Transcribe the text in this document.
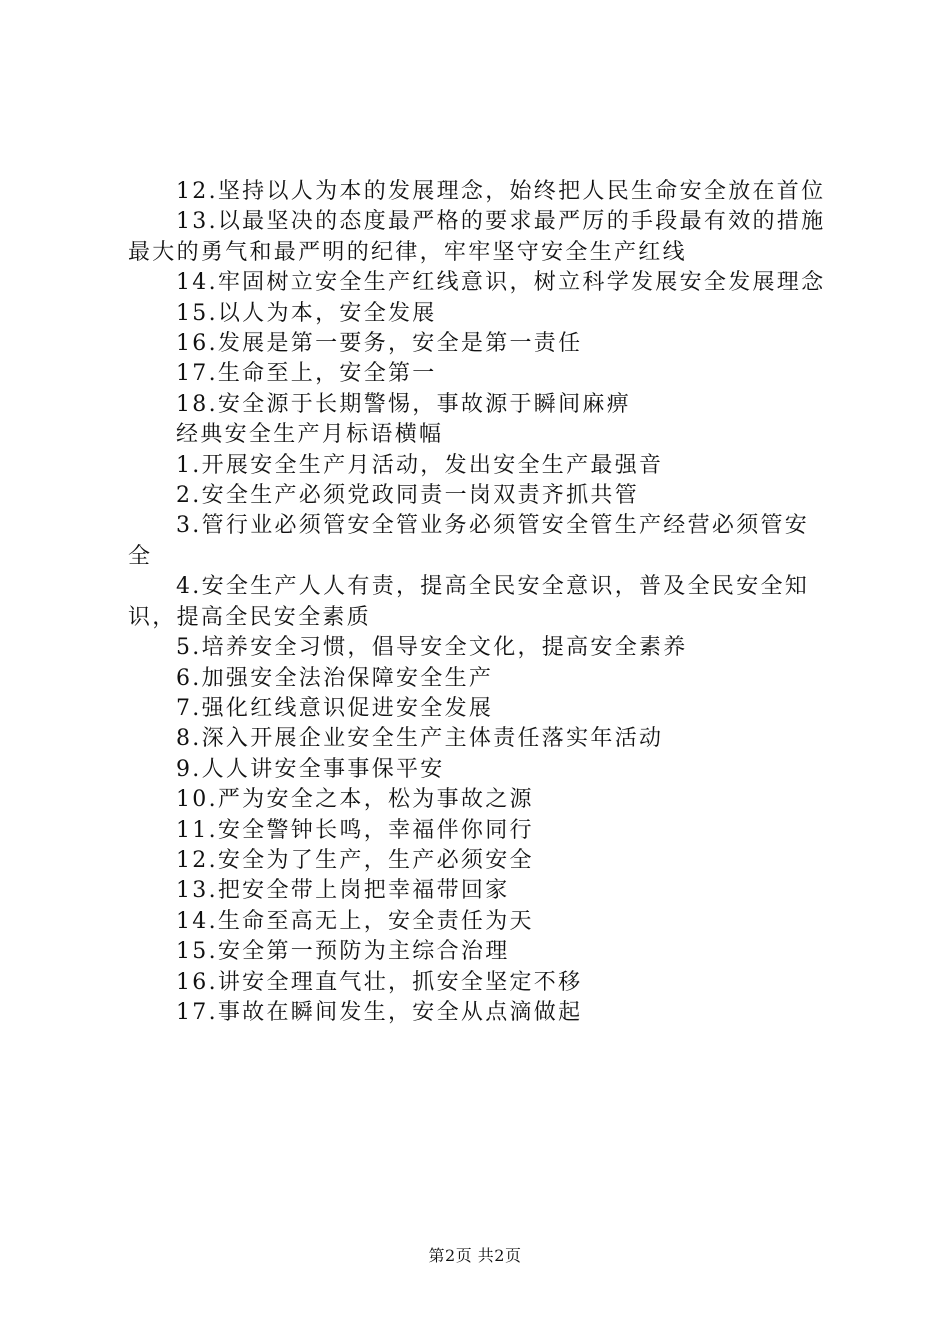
12.坚持以人为本的发展理念，始终把人民生命安全放在首位

13.以最坚决的态度最严格的要求最严厉的手段最有效的措施最大的勇气和最严明的纪律，牢牢坚守安全生产红线

14.牢固树立安全生产红线意识，树立科学发展安全发展理念

15.以人为本，安全发展

16.发展是第一要务，安全是第一责任

17.生命至上，安全第一

18.安全源于长期警惕，事故源于瞬间麻痹

经典安全生产月标语横幅

1.开展安全生产月活动，发出安全生产最强音

2.安全生产必须党政同责一岗双责齐抓共管

3.管行业必须管安全管业务必须管安全管生产经营必须管安全

4.安全生产人人有责，提高全民安全意识，普及全民安全知识，提高全民安全素质

5.培养安全习惯，倡导安全文化，提高安全素养

6.加强安全法治保障安全生产

7.强化红线意识促进安全发展

8.深入开展企业安全生产主体责任落实年活动

9.人人讲安全事事保平安

10.严为安全之本，松为事故之源

11.安全警钟长鸣，幸福伴你同行

12.安全为了生产，生产必须安全

13.把安全带上岗把幸福带回家

14.生命至高无上，安全责任为天

15.安全第一预防为主综合治理

16.讲安全理直气壮，抓安全坚定不移

17.事故在瞬间发生，安全从点滴做起

第2页 共2页
